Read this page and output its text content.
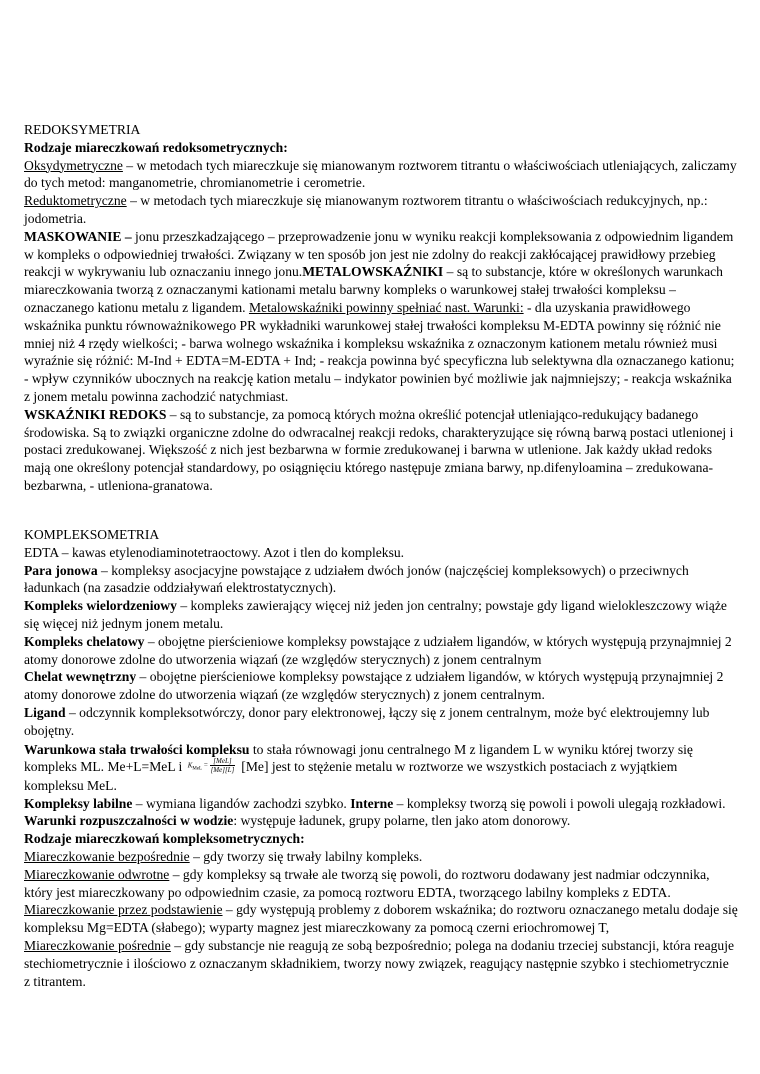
REDOKSYMETRIA

Rodzaje miareczkowań redoksometrycznych:

Oksydymetryczne – w metodach tych miareczkuje się mianowanym roztworem titrantu o właściwościach utleniających, zaliczamy do tych metod: manganometrie, chromianometrie i cerometrie.

Reduktometryczne – w metodach tych miareczkuje się mianowanym roztworem titrantu o właściwościach redukcyjnych, np.: jodometria.

MASKOWANIE – jonu przeszkadzającego – przeprowadzenie jonu w wyniku reakcji kompleksowania z odpowiednim ligandem w kompleks o odpowiedniej trwałości. Związany w ten sposób jon jest nie zdolny do reakcji zakłócającej prawidłowy przebieg reakcji w wykrywaniu lub oznaczaniu innego jonu.METALOWSKAŹNIKI – są to substancje, które w określonych warunkach miareczkowania tworzą z oznaczanymi kationami metalu barwny kompleks o warunkowej stałej trwałości kompleksu – oznaczanego kationu metalu z ligandem. Metalowskaźniki powinny spełniać nast. Warunki: - dla uzyskania prawidłowego wskaźnika punktu równoważnikowego PR wykładniki warunkowej stałej trwałości kompleksu M-EDTA powinny się różnić nie mniej niż 4 rzędy wielkości; - barwa wolnego wskaźnika i kompleksu wskaźnika z oznaczonym kationem metalu również musi wyraźnie się różnić: M-Ind + EDTA=M-EDTA + Ind; - reakcja powinna być specyficzna lub selektywna dla oznaczanego kationu; - wpływ czynników ubocznych na reakcję kation metalu – indykator powinien być możliwie jak najmniejszy; - reakcja wskaźnika z jonem metalu powinna zachodzić natychmiast.

WSKAŹNIKI REDOKS – są to substancje, za pomocą których można określić potencjał utleniająco-redukujący badanego środowiska. Są to związki organiczne zdolne do odwracalnej reakcji redoks, charakteryzujące się równą barwą postaci utlenionej i postaci zredukowanej. Większość z nich jest bezbarwna w formie zredukowanej i barwna w utlenione. Jak każdy układ redoks mają one określony potencjał standardowy, po osiągnięciu którego następuje zmiana barwy, np.difenyloamina – zredukowana-bezbarwna, - utleniona-granatowa.

KOMPLEKSOMETRIA

EDTA – kawas etylenodiaminotetraoctowy. Azot i tlen do kompleksu.

Para jonowa – kompleksy asocjacyjne powstające z udziałem dwóch jonów (najczęściej kompleksowych) o przeciwnych ładunkach (na zasadzie oddziaływań elektrostatycznych).

Kompleks wielordzeniowy – kompleks zawierający więcej niż jeden jon centralny; powstaje gdy ligand wielokleszczowy wiąże się więcej niż jednym jonem metalu.

Kompleks chelatowy – obojętne pierścieniowe kompleksy powstające z udziałem ligandów, w których występują przynajmniej 2 atomy donorowe zdolne do utworzenia wiązań (ze względów sterycznych) z jonem centralnym

Chelat wewnętrzny – obojętne pierścieniowe kompleksy powstające z udziałem ligandów, w których występują przynajmniej 2 atomy donorowe zdolne do utworzenia wiązań (ze względów sterycznych) z jonem centralnym.

Ligand – odczynnik kompleksotwórczy, donor pary elektronowej, łączy się z jonem centralnym, może być elektroujemny lub obojętny.

Warunkowa stała trwałości kompleksu to stała równowagi jonu centralnego M z ligandem L w wyniku której tworzy się kompleks ML. Me+L=MeL i $K_{MeL} = \frac{\text{[MeL]}}{[Me][L]} [Me]$ jest to stężenie metalu w roztworze we wszystkich postaciach z wyjątkiem kompleksu MeL.

Kompleksy labilne – wymiana ligandów zachodzi szybko. Interne – kompleksy tworzą się powoli i powoli ulegają rozkładowi. Warunki rozpuszczalności w wodzie: występuje ładunek, grupy polarne, tlen jako atom donorowy.

Rodzaje miareczkowań kompleksometrycznych:

Miareczkowanie bezpośrednie – gdy tworzy się trwały labilny kompleks.

Miareczkowanie odwrotne – gdy kompleksy są trwałe ale tworzą się powoli, do roztworu dodawany jest nadmiar odczynnika, który jest miareczkowany po odpowiednim czasie, za pomocą roztworu EDTA, tworzącego labilny kompleks z EDTA.

Miareczkowanie przez podstawienie – gdy występują problemy z doborem wskaźnika; do roztworu oznaczanego metalu dodaje się kompleksu Mg=EDTA (słabego); wyparty magnez jest miareczkowany za pomocą czerni eriochromowej T,

Miareczkowanie pośrednie – gdy substancje nie reagują ze sobą bezpośrednio; polega na dodaniu trzeciej substancji, która reaguje stechiometrycznie i ilościowo z oznaczanym składnikiem, tworzy nowy związek, reagujący następnie szybko i stechiometrycznie z titrantem.
